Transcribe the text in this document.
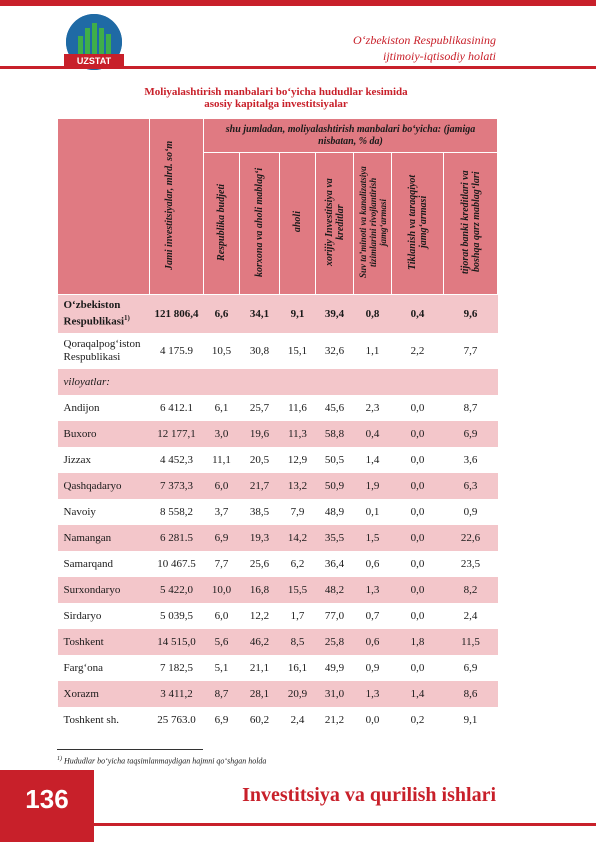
UZSTAT
O‘zbekiston Respublikasining
ijtimoiy-iqtisodiy holati
Moliyalashtirish manbalari bo‘yicha hududlar kesimida
asosiy kapitalga investitsiyalar
	Jami investitsiyalar, mlrd. so‘m	shu jumladan, moliyalashtirish manbalari bo‘yicha: (jamiga nisbatan, % da)						
		Respublika budjeti	korxona va aholi mablag‘i	aholi	xorijiy Investitsiya va kreditlar	Suv ta’minoti va kanalizatsiya tizimlarini rivojlantirish jamg‘armasi	Tiklanish va taraqqiyot jamg‘armasi	tijorat banki kreditlari va boshqa qarz mablag‘lari
O‘zbekiston Respublikasi$^{1)}$	121 806,4	6,6	34,1	9,1	39,4	0,8	0,4	9,6
Qoraqalpog‘iston Respublikasi	4 175.9	10,5	30,8	15,1	32,6	1,1	2,2	7,7
viloyatlar:								
Andijon	6 412.1	6,1	25,7	11,6	45,6	2,3	0,0	8,7
Buxoro	12 177,1	3,0	19,6	11,3	58,8	0,4	0,0	6,9
Jizzax	4 452,3	11,1	20,5	12,9	50,5	1,4	0,0	3,6
Qashqadaryo	7 373,3	6,0	21,7	13,2	50,9	1,9	0,0	6,3
Navoiy	8 558,2	3,7	38,5	7,9	48,9	0,1	0,0	0,9
Namangan	6 281.5	6,9	19,3	14,2	35,5	1,5	0,0	22,6
Samarqand	10 467.5	7,7	25,6	6,2	36,4	0,6	0,0	23,5
Surxondaryo	5 422,0	10,0	16,8	15,5	48,2	1,3	0,0	8,2
Sirdaryo	5 039,5	6,0	12,2	1,7	77,0	0,7	0,0	2,4
Toshkent	14 515,0	5,6	46,2	8,5	25,8	0,6	1,8	11,5
Farg‘ona	7 182,5	5,1	21,1	16,1	49,9	0,9	0,0	6,9
Xorazm	3 411,2	8,7	28,1	20,9	31,0	1,3	1,4	8,6
Toshkent sh.	25 763.0	6,9	60,2	2,4	21,2	0,0	0,2	9,1
$^{1)}$ Hududlar bo‘yicha taqsimlanmaydigan hajmni qo‘shgan holda
136	Investitsiya va qurilish ishlari
